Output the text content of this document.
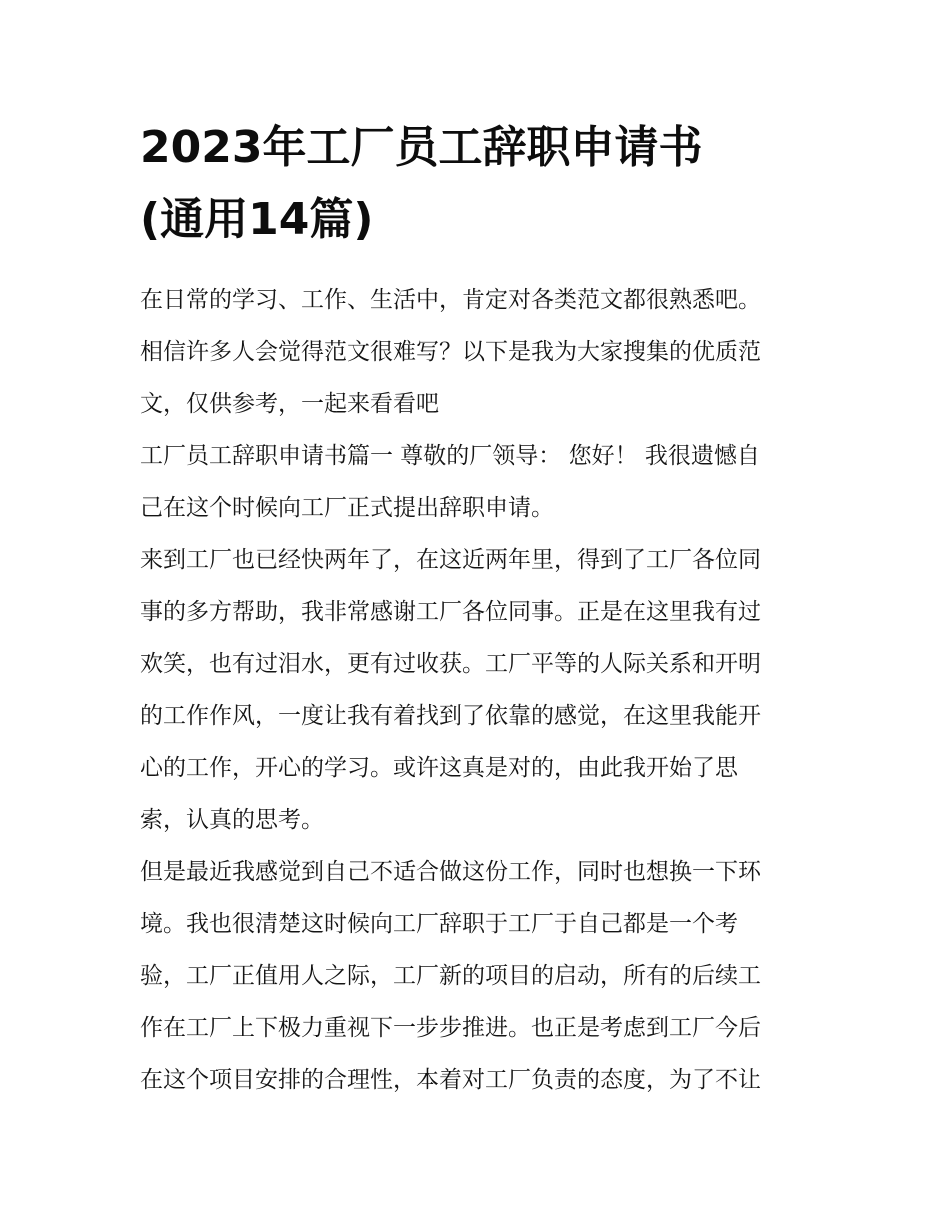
2023年工厂员工辞职申请书
(通用14篇)

在日常的学习、工作、生活中，肯定对各类范文都很熟悉吧。
相信许多人会觉得范文很难写？以下是我为大家搜集的优质范
文，仅供参考，一起来看看吧

工厂员工辞职申请书篇一 尊敬的厂领导： 您好！ 我很遗憾自
己在这个时候向工厂正式提出辞职申请。

来到工厂也已经快两年了，在这近两年里，得到了工厂各位同
事的多方帮助，我非常感谢工厂各位同事。正是在这里我有过
欢笑，也有过泪水，更有过收获。工厂平等的人际关系和开明
的工作作风，一度让我有着找到了依靠的感觉，在这里我能开
心的工作，开心的学习。或许这真是对的，由此我开始了思
索，认真的思考。

但是最近我感觉到自己不适合做这份工作，同时也想换一下环
境。我也很清楚这时候向工厂辞职于工厂于自己都是一个考
验，工厂正值用人之际，工厂新的项目的启动，所有的后续工
作在工厂上下极力重视下一步步推进。也正是考虑到工厂今后
在这个项目安排的合理性，本着对工厂负责的态度，为了不让
